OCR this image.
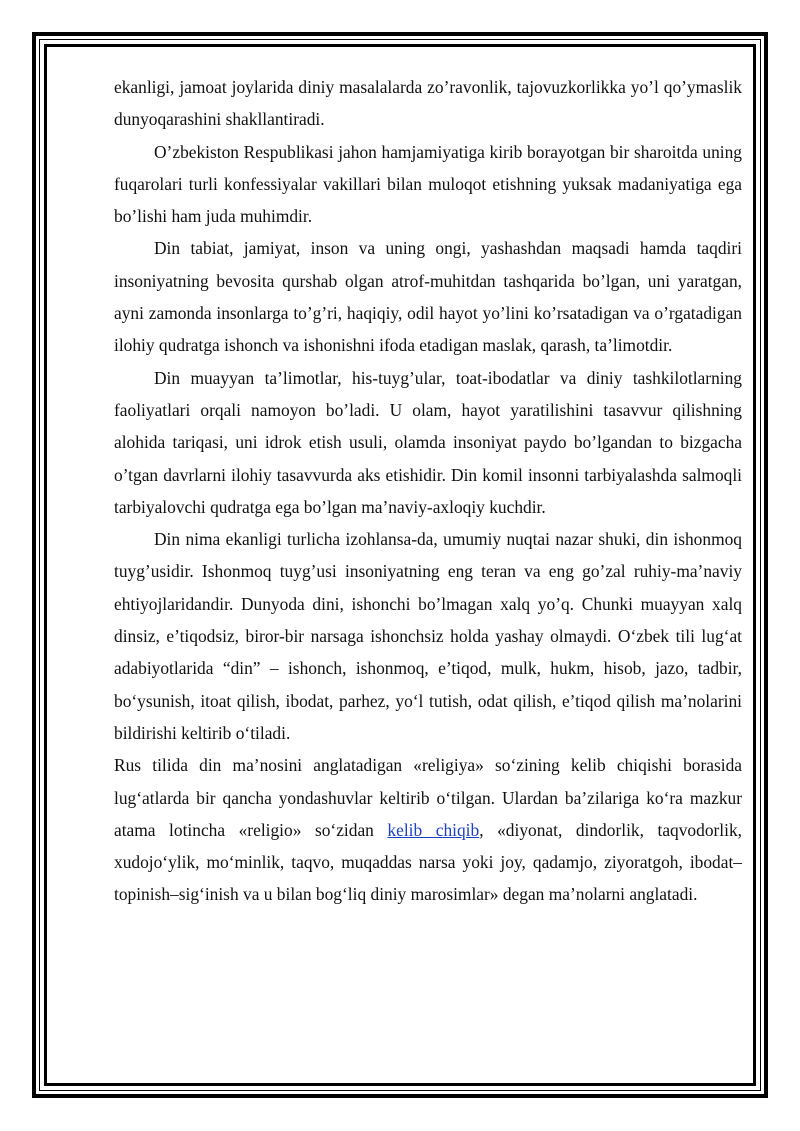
ekanligi, jamoat joylarida diniy masalalarda zo’ravonlik, tajovuzkorlikka yo’l qo’ymaslik dunyoqarashini shakllantiradi.

O’zbekiston Respublikasi jahon hamjamiyatiga kirib borayotgan bir sharoitda uning fuqarolari turli konfessiyalar vakillari bilan muloqot etishning yuksak madaniyatiga ega bo’lishi ham juda muhimdir.

Din tabiat, jamiyat, inson va uning ongi, yashashdan maqsadi hamda taqdiri insoniyatning bevosita qurshab olgan atrof-muhitdan tashqarida bo’lgan, uni yaratgan, ayni zamonda insonlarga to’g’ri, haqiqiy, odil hayot yo’lini ko’rsatadigan va o’rgatadigan ilohiy qudratga ishonch va ishonishni ifoda etadigan maslak, qarash, ta’limotdir.

Din muayyan ta’limotlar, his-tuyg’ular, toat-ibodatlar va diniy tashkilotlarning faoliyatlari orqali namoyon bo’ladi. U olam, hayot yaratilishini tasavvur qilishning alohida tariqasi, uni idrok etish usuli, olamda insoniyat paydo bo’lgandan to bizgacha o’tgan davrlarni ilohiy tasavvurda aks etishidir. Din komil insonni tarbiyalashda salmoqli tarbiyalovchi qudratga ega bo’lgan ma’naviy-axloqiy kuchdir.

Din nima ekanligi turlicha izohlansa-da, umumiy nuqtai nazar shuki, din ishonmoq tuyg’usidir. Ishonmoq tuyg’usi insoniyatning eng teran va eng go’zal ruhiy-ma’naviy ehtiyojlaridandir. Dunyoda dini, ishonchi bo’lmagan xalq yo’q. Chunki muayyan xalq dinsiz, e’tiqodsiz, biror-bir narsaga ishonchsiz holda yashay olmaydi. O‘zbek tili lug‘at adabiyotlarida “din” – ishonch, ishonmoq, e’tiqod, mulk, hukm, hisob, jazo, tadbir, bo‘ysunish, itoat qilish, ibodat, parhez, yo‘l tutish, odat qilish, e’tiqod qilish ma’nolarini bildirishi keltirib o‘tiladi.
Rus tilida din ma’nosini anglatadigan «religiya» so‘zining kelib chiqishi borasida lug‘atlarda bir qancha yondashuvlar keltirib o‘tilgan. Ulardan ba’zilariga ko‘ra mazkur atama lotincha «religio» so‘zidan kelib chiqib, «diyonat, dindorlik, taqvodorlik, xudojo‘ylik, mo‘minlik, taqvo, muqaddas narsa yoki joy, qadamjo, ziyoratgoh, ibodat– topinish–sig‘inish va u bilan bog‘liq diniy marosimlar» degan ma’nolarni anglatadi.
